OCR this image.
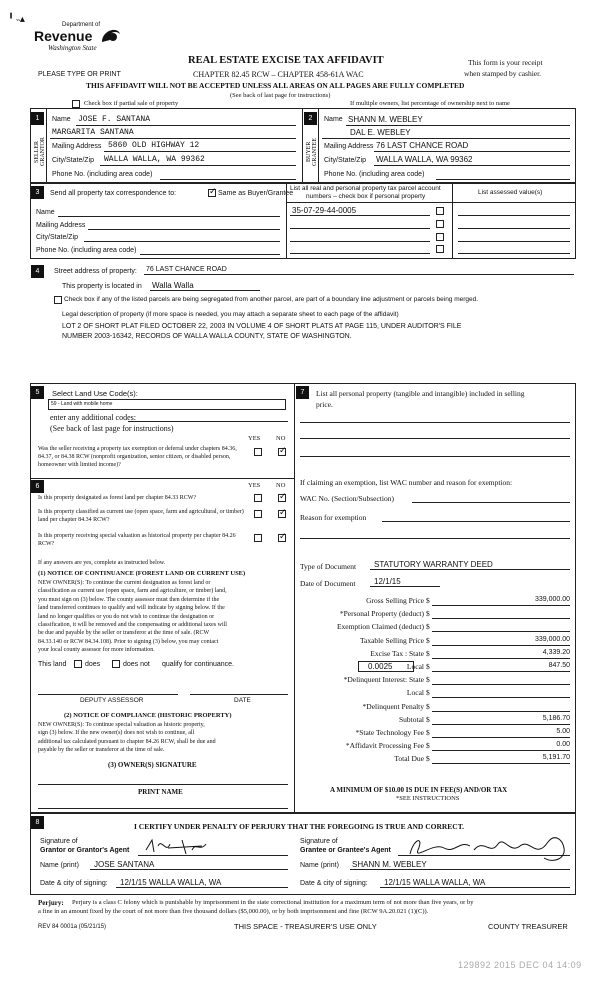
╹ ˵▴	Department of
Revenue
Washington State
PLEASE TYPE OR PRINT
REAL ESTATE EXCISE TAX AFFIDAVIT
CHAPTER 82.45 RCW – CHAPTER 458-61A WAC
This form is your receipt
when stamped by cashier.
THIS AFFIDAVIT WILL NOT BE ACCEPTED UNLESS ALL AREAS ON ALL PAGES ARE FULLY COMPLETED
(See back of last page for instructions)
Check box if partial sale of property	If multiple owners, list percentage of ownership next to name
1
SELLER GRANTOR
Name JOSE F. SANTANA
MARGARITA SANTANA
Mailing Address 5860 OLD HIGHWAY 12
City/State/Zip WALLA WALLA, WA 99362
Phone No. (including area code)
2
BUYER GRANTEE
Name SHANN M. WEBLEY
DAL E. WEBLEY
Mailing Address 76 LAST CHANCE ROAD
City/State/Zip WALLA WALLA, WA 99362
Phone No. (including area code)
3	Send all property tax correspondence to:
✓	Same as Buyer/Grantee
List all real and personal property tax parcel account
numbers – check box if personal property
List assessed value(s)
Name
Mailing Address
City/State/Zip
Phone No. (including area code)
35-07-29-44-0005
4	Street address of property: 76 LAST CHANCE ROAD
This property is located in Walla Walla
Check box if any of the listed parcels are being segregated from another parcel, are part of a boundary line adjustment or parcels being merged.
Legal description of property (if more space is needed, you may attach a separate sheet to each page of the affidavit)
LOT 2 OF SHORT PLAT FILED OCTOBER 22, 2003 IN VOLUME 4 OF SHORT PLATS AT PAGE 115, UNDER AUDITOR'S FILE
NUMBER 2003-16342, RECORDS OF WALLA WALLA COUNTY, STATE OF WASHINGTON.
5	Select Land Use Code(s):
59 - Land with mobile home
enter any additional codes:
(See back of last page for instructions)
YES NO
Was the seller receiving a property tax exemption or deferral under chapters 84.36, 84.37, or 84.38 RCW (nonprofit organization, senior citizen, or disabled person, homeowner with limited income)?
✓
6	YES NO
Is this property designated as forest land per chapter 84.33 RCW?
✓
Is this property classified as current use (open space, farm and agricultural, or timber) land per chapter 84.34 RCW?
✓
Is this property receiving special valuation as historical property per chapter 84.26 RCW?
✓
If any answers are yes, complete as instructed below.
(1) NOTICE OF CONTINUANCE (FOREST LAND OR CURRENT USE)
NEW OWNER(S): To continue the current designation as forest land or
classification as current use (open space, farm and agriculture, or timber) land,
you must sign on (3) below. The county assessor must then determine if the
land transferred continues to qualify and will indicate by signing below. If the
land no longer qualifies or you do not wish to continue the designation or
classification, it will be removed and the compensating or additional taxes will
be due and payable by the seller or transferor at the time of sale. (RCW
84.33.140 or RCW 84.34.108). Prior to signing (3) below, you may contact
your local county assessor for more information.
This land	does	does not qualify for continuance.
DEPUTY ASSESSOR	DATE
(2) NOTICE OF COMPLIANCE (HISTORIC PROPERTY)
NEW OWNER(S): To continue special valuation as historic property,
sign (3) below. If the new owner(s) does not wish to continue, all
additional tax calculated pursuant to chapter 84.26 RCW, shall be due and
payable by the seller or transferor at the time of sale.
(3) OWNER(S) SIGNATURE
PRINT NAME
7	List all personal property (tangible and intangible) included in selling
price.
If claiming an exemption, list WAC number and reason for exemption:
WAC No. (Section/Subsection)
Reason for exemption
Type of Document STATUTORY WARRANTY DEED
Date of Document 12/1/15
Gross Selling Price $	339,000.00
*Personal Property (deduct) $
Exemption Claimed (deduct) $
Taxable Selling Price $	339,000.00
Excise Tax : State $	4,339.20
Local $	847.50
*Delinquent Interest: State $
Local $
*Delinquent Penalty $
Subtotal $	5,186.70
*State Technology Fee $	5.00
*Affidavit Processing Fee $	0.00
Total Due $	5,191.70
0.0025
A MINIMUM OF $10.00 IS DUE IN FEE(S) AND/OR TAX
*SEE INSTRUCTIONS
8	I CERTIFY UNDER PENALTY OF PERJURY THAT THE FOREGOING IS TRUE AND CORRECT.
Signature of
Grantor or Grantor's Agent
Name (print) JOSE SANTANA
Date & city of signing: 12/1/15 WALLA WALLA, WA
Signature of
Grantee or Grantee's Agent
Name (print) SHANN M. WEBLEY
Date & city of signing: 12/1/15 WALLA WALLA, WA
Perjury: Perjury is a class C felony which is punishable by imprisonment in the state correctional institution for a maximum term of not more than five years, or by
a fine in an amount fixed by the court of not more than five thousand dollars ($5,000.00), or by both imprisonment and fine (RCW 9A.20.021 (1)(C)).
REV 84 0001a (05/21/15)	THIS SPACE - TREASURER'S USE ONLY	COUNTY TREASURER
129892 2015 DEC 04 14:09
